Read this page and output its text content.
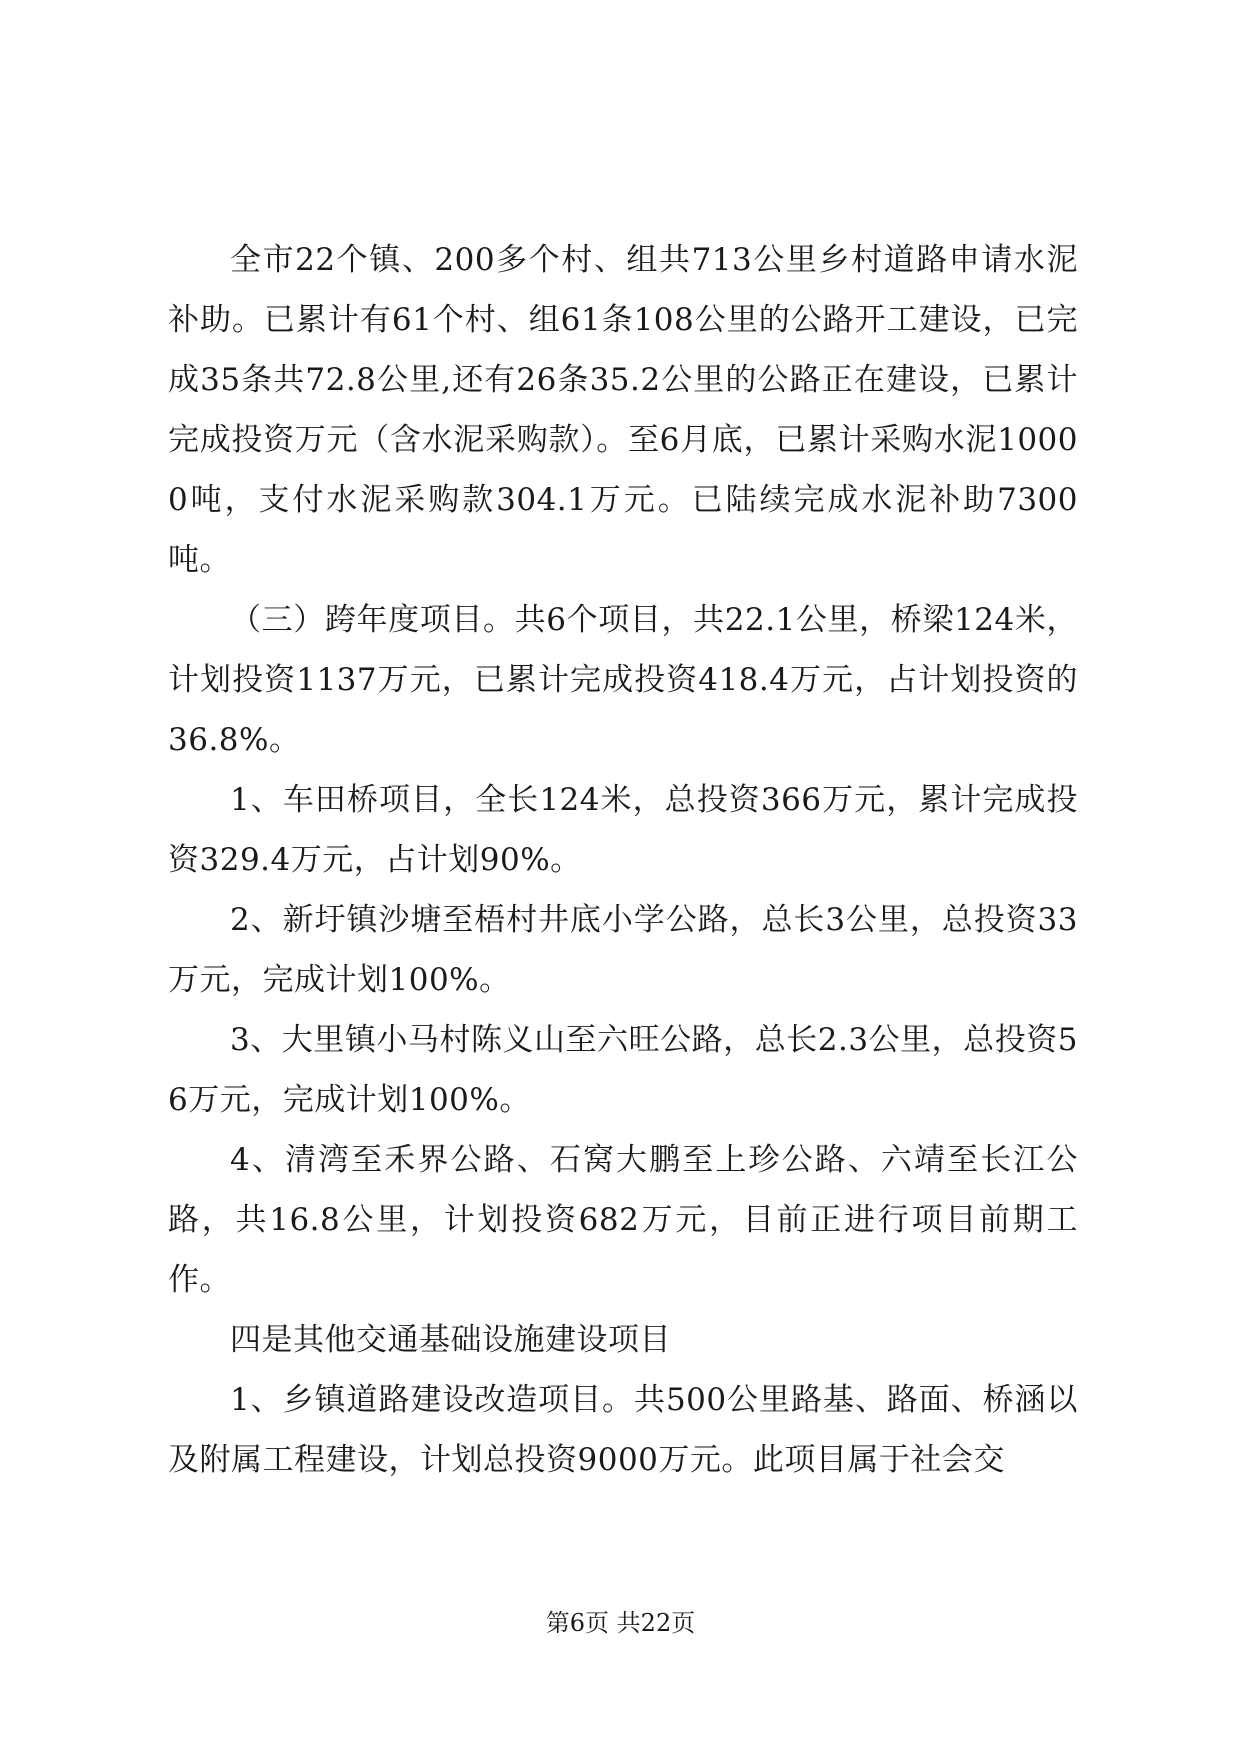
全市22个镇、200多个村、组共713公里乡村道路申请水泥补助。已累计有61个村、组61条108公里的公路开工建设，已完成35条共72.8公里,还有26条35.2公里的公路正在建设，已累计完成投资万元（含水泥采购款）。至6月底，已累计采购水泥10000吨，支付水泥采购款304.1万元。已陆续完成水泥补助7300吨。

（三）跨年度项目。共6个项目，共22.1公里，桥梁124米，计划投资1137万元，已累计完成投资418.4万元，占计划投资的36.8%。

1、车田桥项目，全长124米，总投资366万元，累计完成投资329.4万元，占计划90%。

2、新圩镇沙塘至梧村井底小学公路，总长3公里，总投资33万元，完成计划100%。

3、大里镇小马村陈义山至六旺公路，总长2.3公里，总投资56万元，完成计划100%。

4、清湾至禾界公路、石窝大鹏至上珍公路、六靖至长江公路，共16.8公里，计划投资682万元，目前正进行项目前期工作。

四是其他交通基础设施建设项目

1、乡镇道路建设改造项目。共500公里路基、路面、桥涵以及附属工程建设，计划总投资9000万元。此项目属于社会交

第6页 共22页
